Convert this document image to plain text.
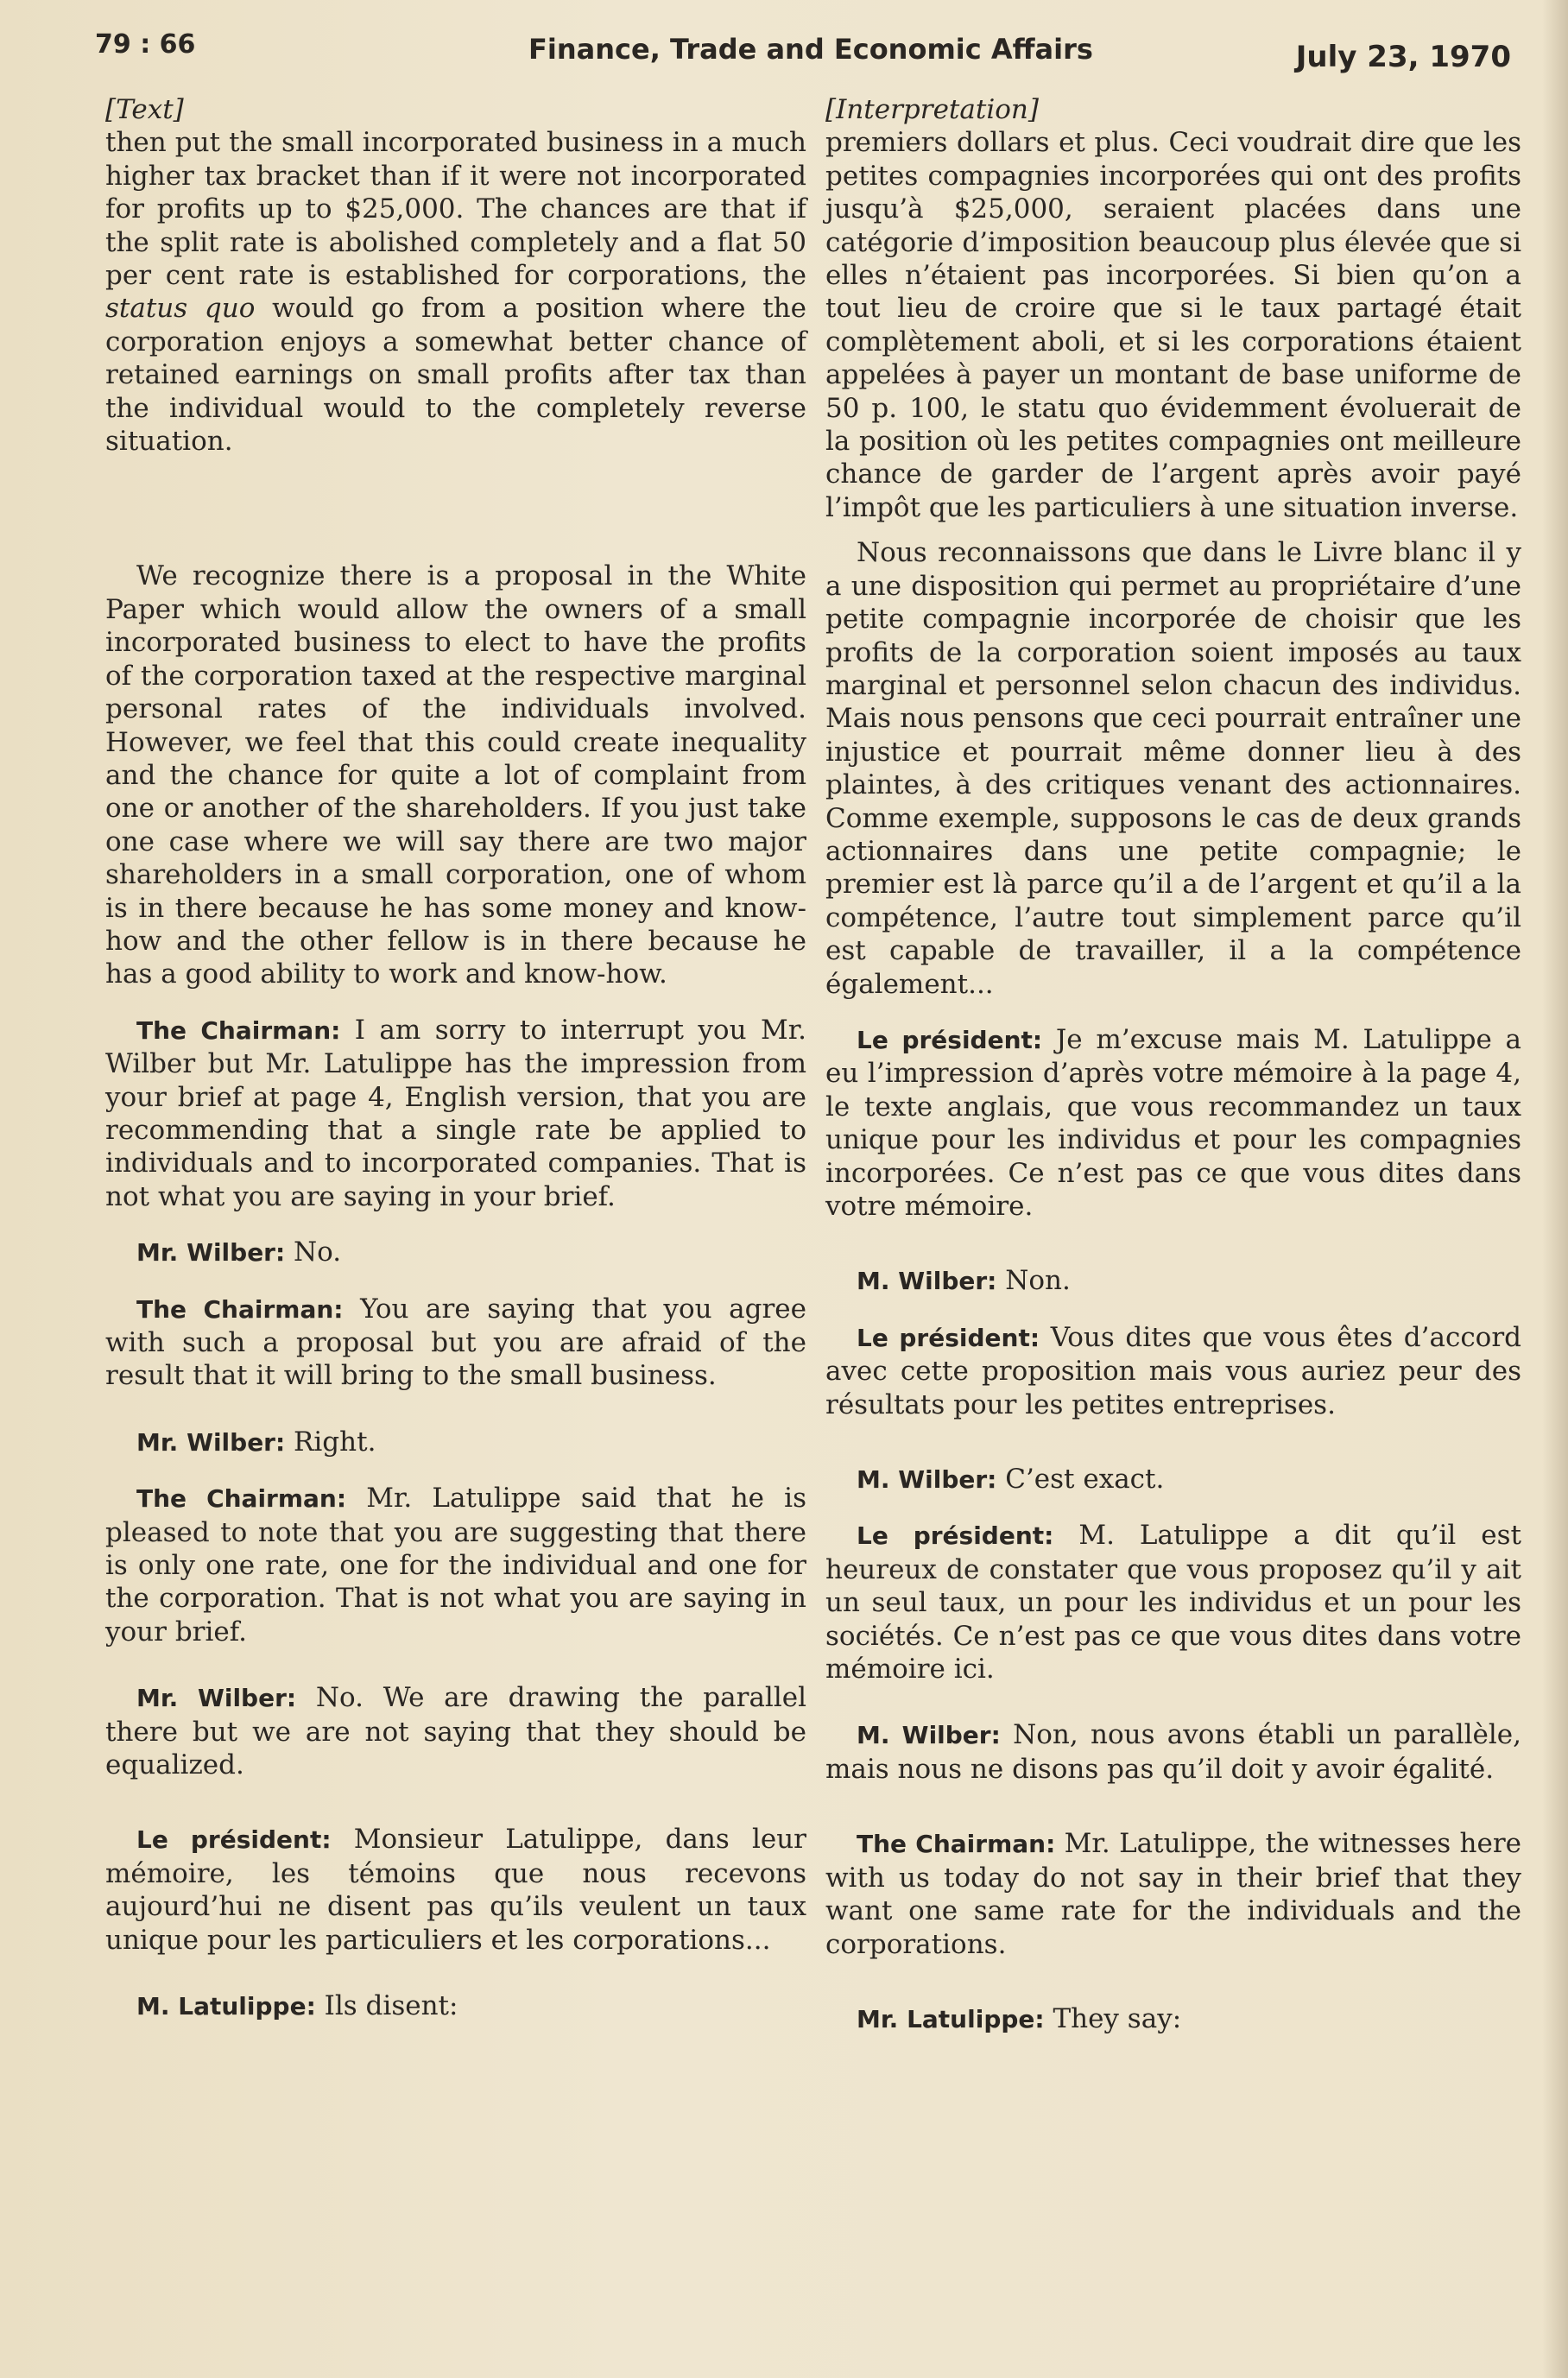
79 : 66	Finance, Trade and Economic Affairs	July 23, 1970

[Text]

then put the small incorporated business in a much higher tax bracket than if it were not incorporated for profits up to $25,000. The chances are that if the split rate is abolished completely and a flat 50 per cent rate is established for corporations, the status quo would go from a position where the corporation enjoys a somewhat better chance of retained earnings on small profits after tax than the individual would to the completely reverse situation.

We recognize there is a proposal in the White Paper which would allow the owners of a small incorporated business to elect to have the profits of the corporation taxed at the respective marginal personal rates of the individuals involved. However, we feel that this could create inequality and the chance for quite a lot of complaint from one or another of the shareholders. If you just take one case where we will say there are two major shareholders in a small corporation, one of whom is in there because he has some money and know-how and the other fellow is in there because he has a good ability to work and know-how.

The Chairman: I am sorry to interrupt you Mr. Wilber but Mr. Latulippe has the impression from your brief at page 4, English version, that you are recommending that a single rate be applied to individuals and to incorporated companies. That is not what you are saying in your brief.

Mr. Wilber: No.

The Chairman: You are saying that you agree with such a proposal but you are afraid of the result that it will bring to the small business.

Mr. Wilber: Right.

The Chairman: Mr. Latulippe said that he is pleased to note that you are suggesting that there is only one rate, one for the individual and one for the corporation. That is not what you are saying in your brief.

Mr. Wilber: No. We are drawing the parallel there but we are not saying that they should be equalized.

Le président: Monsieur Latulippe, dans leur mémoire, les témoins que nous recevons aujourd’hui ne disent pas qu’ils veulent un taux unique pour les particuliers et les corporations...

M. Latulippe: Ils disent:

[Interpretation]

premiers dollars et plus. Ceci voudrait dire que les petites compagnies incorporées qui ont des profits jusqu’à $25,000, seraient placées dans une catégorie d’imposition beaucoup plus élevée que si elles n’étaient pas incorporées. Si bien qu’on a tout lieu de croire que si le taux partagé était complètement aboli, et si les corporations étaient appelées à payer un montant de base uniforme de 50 p. 100, le statu quo évidemment évoluerait de la position où les petites compagnies ont meilleure chance de garder de l’argent après avoir payé l’impôt que les particuliers à une situation inverse.

Nous reconnaissons que dans le Livre blanc il y a une disposition qui permet au propriétaire d’une petite compagnie incorporée de choisir que les profits de la corporation soient imposés au taux marginal et personnel selon chacun des individus. Mais nous pensons que ceci pourrait entraîner une injustice et pourrait même donner lieu à des plaintes, à des critiques venant des actionnaires. Comme exemple, supposons le cas de deux grands actionnaires dans une petite compagnie; le premier est là parce qu’il a de l’argent et qu’il a la compétence, l’autre tout simplement parce qu’il est capable de travailler, il a la compétence également...

Le président: Je m’excuse mais M. Latulippe a eu l’impression d’après votre mémoire à la page 4, le texte anglais, que vous recommandez un taux unique pour les individus et pour les compagnies incorporées. Ce n’est pas ce que vous dites dans votre mémoire.

M. Wilber: Non.

Le président: Vous dites que vous êtes d’accord avec cette proposition mais vous auriez peur des résultats pour les petites entreprises.

M. Wilber: C’est exact.

Le président: M. Latulippe a dit qu’il est heureux de constater que vous proposez qu’il y ait un seul taux, un pour les individus et un pour les sociétés. Ce n’est pas ce que vous dites dans votre mémoire ici.

M. Wilber: Non, nous avons établi un parallèle, mais nous ne disons pas qu’il doit y avoir égalité.

The Chairman: Mr. Latulippe, the witnesses here with us today do not say in their brief that they want one same rate for the individuals and the corporations.

Mr. Latulippe: They say:
